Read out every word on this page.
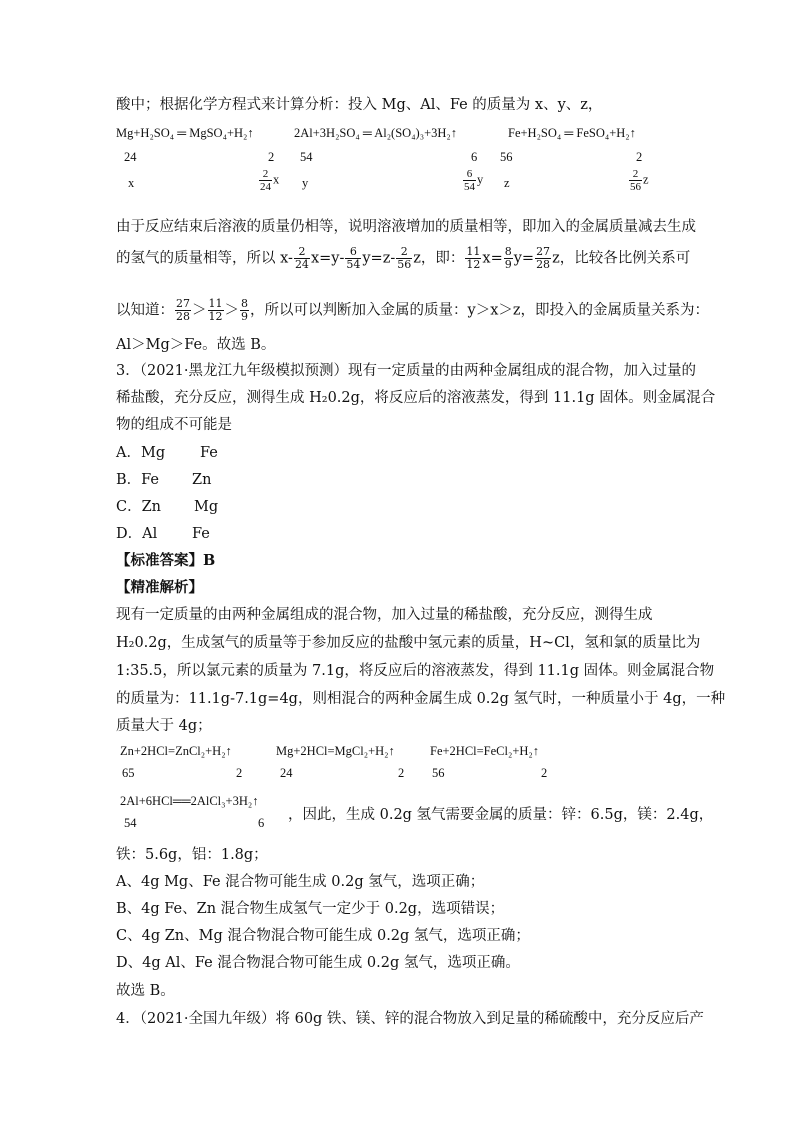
酸中；根据化学方程式来计算分析：投入 Mg、Al、Fe 的质量为 x、y、z，
Mg+H₂SO₄ ═ MgSO₄+H₂↑	2Al+3H₂SO₄ ═ Al₂(SO₄)₃+3H₂↑	Fe+H₂SO₄ ═ FeSO₄+H₂↑
24	2 54	6 56	2
x	$\frac{2}{24}$ x y	$\frac{6}{54}$ y z	$\frac{2}{56}$ z
由于反应结束后溶液的质量仍相等，说明溶液增加的质量相等，即加入的金属质量减去生成
的氢气的质量相等，所以 $x- \frac{2}{24} x=y- \frac{6}{54} y=z- \frac{2}{56}$ z，即： $\frac{11}{12} x= \frac{8}{9} y= \frac{27}{28}$ z，比较各比例关系可
以知道： $\frac{27}{28} > \frac{11}{12} > \frac{8}{9}$ ，所以可以判断加入金属的质量：y＞x＞z，即投入的金属质量关系为：
Al＞Mg＞Fe。故选 B。
3．（2021·黑龙江九年级模拟预测）现有一定质量的由两种金属组成的混合物，加入过量的
稀盐酸，充分反应，测得生成 H₂0.2g，将反应后的溶液蒸发，得到 11.1g 固体。则金属混合
物的组成不可能是
A．Mg Fe
B．Fe Zn
C．Zn Mg
D．Al Fe
【标准答案】B
【精准解析】
现有一定质量的由两种金属组成的混合物，加入过量的稀盐酸，充分反应，测得生成
H₂0.2g，生成氢气的质量等于参加反应的盐酸中氢元素的质量，H~Cl，氢和氯的质量比为
1:35.5，所以氯元素的质量为 7.1g，将反应后的溶液蒸发，得到 11.1g 固体。则金属混合物
的质量为：11.1g-7.1g=4g，则相混合的两种金属生成 0.2g 氢气时，一种质量小于 4g，一种
质量大于 4g；
Zn+2HCl=ZnCl₂+H₂↑	Mg+2HCl=MgCl₂+H₂↑	Fe+2HCl=FeCl₂+H₂↑
65	2	24	2 56	2
2Al+6HCl══2AlCl₃+3H₂↑
54	6 ，因此，生成 0.2g 氢气需要金属的质量：锌：6.5g，镁：2.4g，
铁：5.6g，铝：1.8g；
A、4g Mg、Fe 混合物可能生成 0.2g 氢气，选项正确；
B、4g Fe、Zn 混合物生成氢气一定少于 0.2g，选项错误；
C、4g Zn、Mg 混合物混合物可能生成 0.2g 氢气，选项正确；
D、4g Al、Fe 混合物混合物可能生成 0.2g 氢气，选项正确。
故选 B。
4．（2021·全国九年级）将 60g 铁、镁、锌的混合物放入到足量的稀硫酸中，充分反应后产
